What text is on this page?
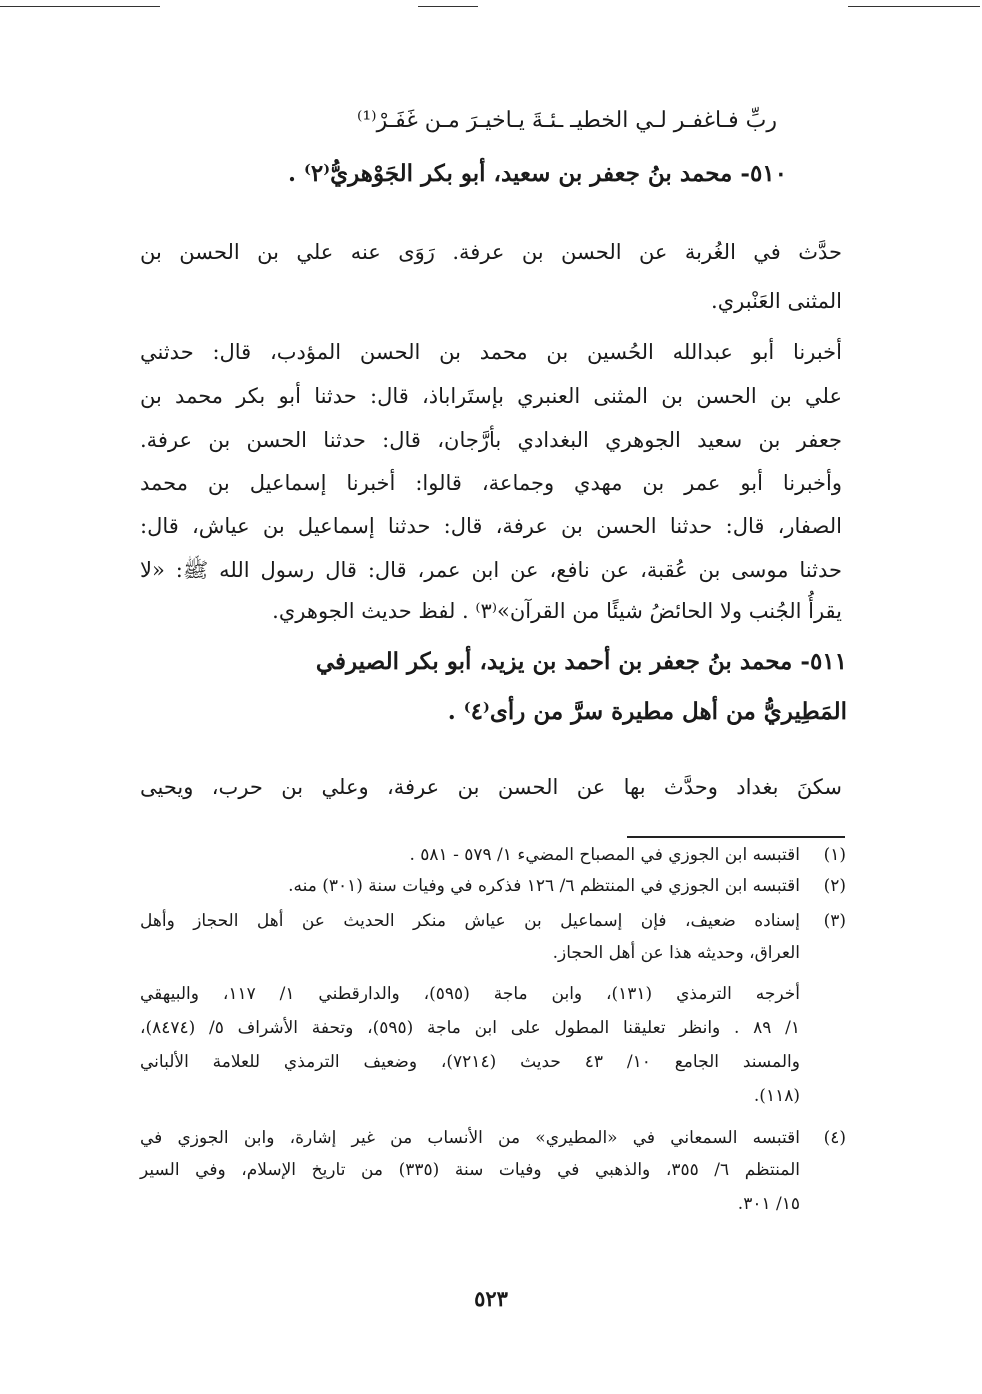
ربِّ فـاغفـر لـي الخطيـ ـئـةَ يـاخيـرَ مـن غَفَـرْ⁽¹⁾
٥١٠- محمد بنُ جعفر بن سعيد، أبو بكر الجَوْهريُّ⁽٢⁾ .
حدَّث في الغُربة عن الحسن بن عرفة. رَوَى عنه علي بن الحسن بن
المثنى العَنْبري.
أخبرنا أبو عبدالله الحُسين بن محمد بن الحسن المؤدب، قال: حدثني
علي بن الحسن بن المثنى العنبري بإستَراباذ، قال: حدثنا أبو بكر محمد بن
جعفر بن سعيد الجوهري البغدادي بأرَّجان، قال: حدثنا الحسن بن عرفة.
وأخبرنا أبو عمر بن مهدي وجماعة، قالوا: أخبرنا إسماعيل بن محمد
الصفار، قال: حدثنا الحسن بن عرفة، قال: حدثنا إسماعيل بن عياش، قال:
حدثنا موسى بن عُقبة، عن نافع، عن ابن عمر، قال: قال رسول الله ﷺ: «لا
يقرأُ الجُنب ولا الحائضُ شيئًا من القرآن»⁽٣⁾ . لفظ حديث الجوهري.
٥١١- محمد بنُ جعفر بن أحمد بن يزيد، أبو بكر الصيرفي
المَطِيريُّ من أهل مطيرة سرَّ من رأى⁽٤⁾ .
سكنَ بغداد وحدَّث بها عن الحسن بن عرفة، وعلي بن حرب، ويحيى
(١)
اقتبسه ابن الجوزي في المصباح المضيء ١/ ٥٧٩ - ٥٨١ .
(٢)
اقتبسه ابن الجوزي في المنتظم ٦/ ١٢٦ فذكره في وفيات سنة (٣٠١) منه.
(٣)
إسناده ضعيف، فإن إسماعيل بن عياش منكر الحديث عن أهل الحجاز وأهل
العراق، وحديثه هذا عن أهل الحجاز.
أخرجه الترمذي (١٣١)، وابن ماجة (٥٩٥)، والدارقطني ١/ ١١٧، والبيهقي
١/ ٨٩ . وانظر تعليقنا المطول على ابن ماجة (٥٩٥)، وتحفة الأشراف ٥/ (٨٤٧٤)،
والمسند الجامع ١٠/ ٤٣ حديث (٧٢١٤)، وضعيف الترمذي للعلامة الألباني
(١١٨).
(٤)
اقتبسه السمعاني في «المطيري» من الأنساب من غير إشارة، وابن الجوزي في
المنتظم ٦/ ٣٥٥، والذهبي في وفيات سنة (٣٣٥) من تاريخ الإسلام، وفي السير
١٥/ ٣٠١.
٥٢٣
